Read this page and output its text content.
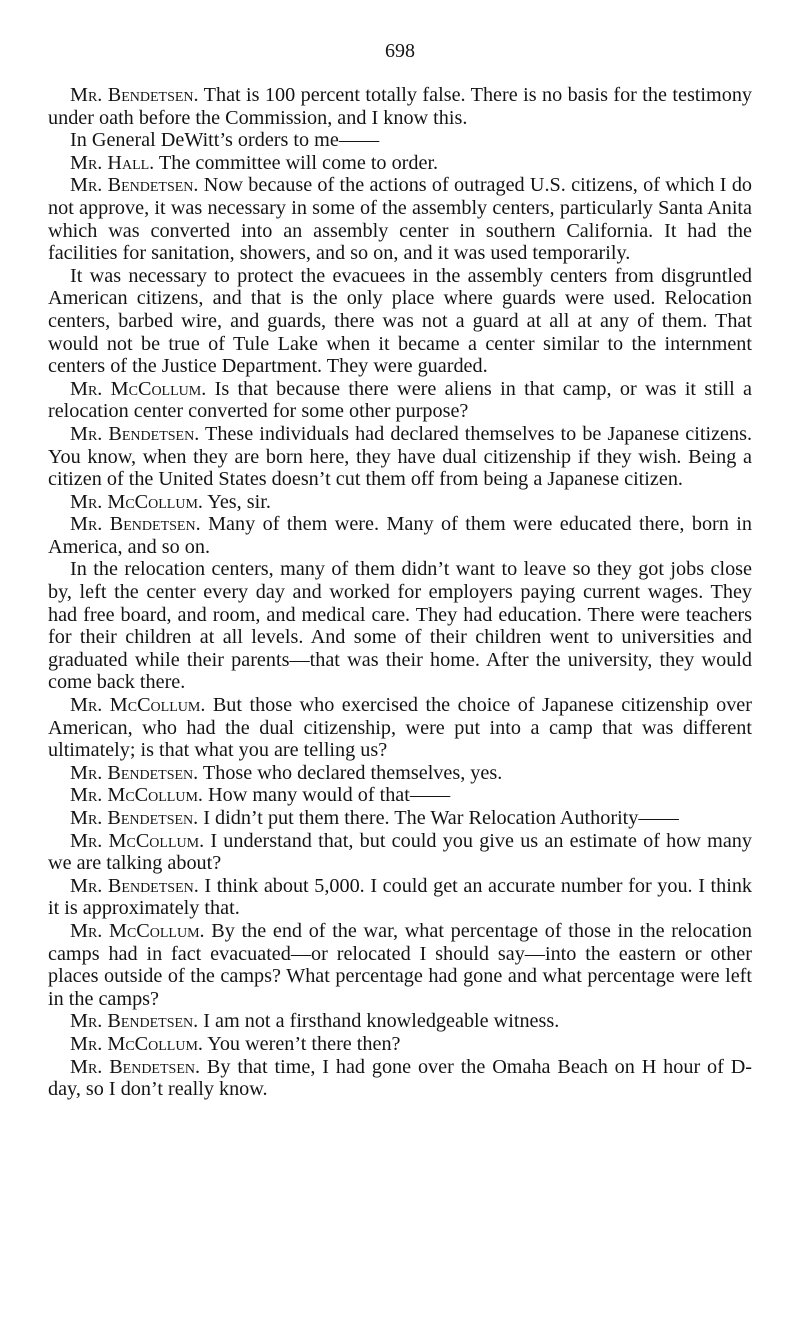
698

Mr. Bendetsen. That is 100 percent totally false. There is no basis for the testimony under oath before the Commission, and I know this.

In General DeWitt’s orders to me——

Mr. Hall. The committee will come to order.

Mr. Bendetsen. Now because of the actions of outraged U.S. citizens, of which I do not approve, it was necessary in some of the assembly centers, particularly Santa Anita which was converted into an assembly center in southern California. It had the facilities for sanitation, showers, and so on, and it was used temporarily.

It was necessary to protect the evacuees in the assembly centers from disgruntled American citizens, and that is the only place where guards were used. Relocation centers, barbed wire, and guards, there was not a guard at all at any of them. That would not be true of Tule Lake when it became a center similar to the internment centers of the Justice Department. They were guarded.

Mr. McCollum. Is that because there were aliens in that camp, or was it still a relocation center converted for some other purpose?

Mr. Bendetsen. These individuals had declared themselves to be Japanese citizens. You know, when they are born here, they have dual citizenship if they wish. Being a citizen of the United States doesn’t cut them off from being a Japanese citizen.

Mr. McCollum. Yes, sir.

Mr. Bendetsen. Many of them were. Many of them were educated there, born in America, and so on.

In the relocation centers, many of them didn’t want to leave so they got jobs close by, left the center every day and worked for employers paying current wages. They had free board, and room, and medical care. They had education. There were teachers for their children at all levels. And some of their children went to universities and graduated while their parents—that was their home. After the university, they would come back there.

Mr. McCollum. But those who exercised the choice of Japanese citizenship over American, who had the dual citizenship, were put into a camp that was different ultimately; is that what you are telling us?

Mr. Bendetsen. Those who declared themselves, yes.

Mr. McCollum. How many would of that——

Mr. Bendetsen. I didn’t put them there. The War Relocation Authority——

Mr. McCollum. I understand that, but could you give us an estimate of how many we are talking about?

Mr. Bendetsen. I think about 5,000. I could get an accurate number for you. I think it is approximately that.

Mr. McCollum. By the end of the war, what percentage of those in the relocation camps had in fact evacuated—or relocated I should say—into the eastern or other places outside of the camps? What percentage had gone and what percentage were left in the camps?

Mr. Bendetsen. I am not a firsthand knowledgeable witness.

Mr. McCollum. You weren’t there then?

Mr. Bendetsen. By that time, I had gone over the Omaha Beach on H hour of D-day, so I don’t really know.
